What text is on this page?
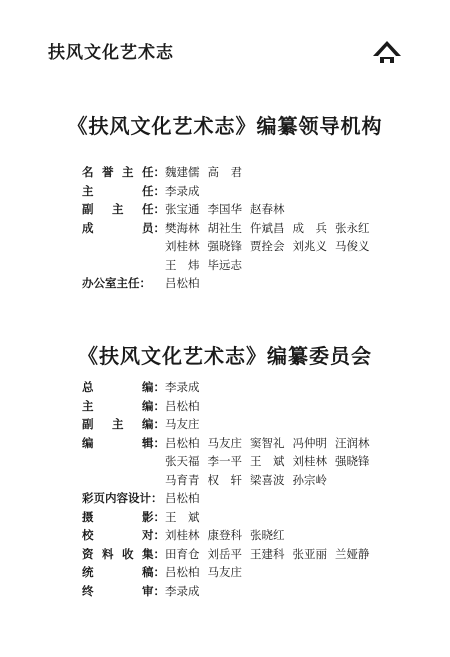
扶风文化艺术志
《扶风文化艺术志》编纂领导机构
名 誉 主 任： 魏建儒 高　君
主	任： 李录成
副 主 任： 张宝通 李国华 赵春林
成	员： 樊海林 胡社生 仵斌昌 成　兵 张永红
刘桂林 强晓锋 贾拴会 刘兆义 马俊义
王　炜 毕远志
办公室主任： 吕松柏
《扶风文化艺术志》编纂委员会
总	编： 李录成
主	编： 吕松柏
副 主 编： 马友庄
编	辑： 吕松柏 马友庄 窦智礼 冯仲明 汪润林
张天福 李一平 王　斌 刘桂林 强晓锋
马育青 权　轩 梁喜波 孙宗岭
彩页内容设计： 吕松柏
摄	影： 王　斌
校	对： 刘桂林 康登科 张晓红
资 料 收 集： 田育仓 刘岳平 王建科 张亚丽 兰娅静
统	稿： 吕松柏 马友庄
终	审： 李录成
